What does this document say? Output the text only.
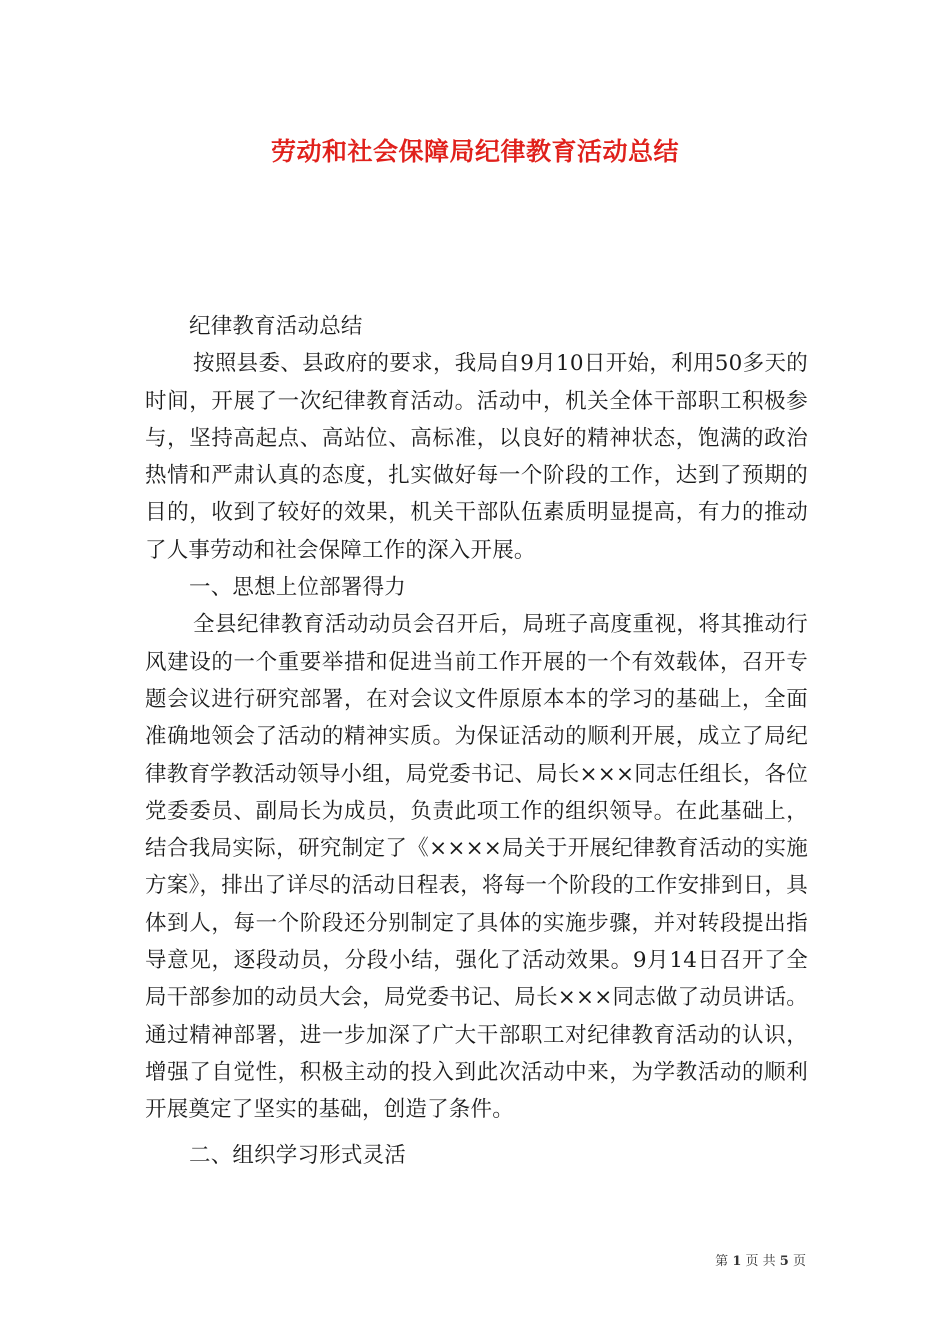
劳动和社会保障局纪律教育活动总结

纪律教育活动总结

按照县委、县政府的要求，我局自9月10日开始，利用50多天的时间，开展了一次纪律教育活动。活动中，机关全体干部职工积极参与，坚持高起点、高站位、高标准，以良好的精神状态，饱满的政治热情和严肃认真的态度，扎实做好每一个阶段的工作，达到了预期的目的，收到了较好的效果，机关干部队伍素质明显提高，有力的推动了人事劳动和社会保障工作的深入开展。

一、思想上位部署得力

全县纪律教育活动动员会召开后，局班子高度重视，将其推动行风建设的一个重要举措和促进当前工作开展的一个有效载体，召开专题会议进行研究部署，在对会议文件原原本本的学习的基础上，全面准确地领会了活动的精神实质。为保证活动的顺利开展，成立了局纪律教育学教活动领导小组，局党委书记、局长×××同志任组长，各位党委委员、副局长为成员，负责此项工作的组织领导。在此基础上，结合我局实际，研究制定了《××××局关于开展纪律教育活动的实施方案》，排出了详尽的活动日程表，将每一个阶段的工作安排到日，具体到人，每一个阶段还分别制定了具体的实施步骤，并对转段提出指导意见，逐段动员，分段小结，强化了活动效果。9月14日召开了全局干部参加的动员大会，局党委书记、局长×××同志做了动员讲话。通过精神部署，进一步加深了广大干部职工对纪律教育活动的认识，增强了自觉性，积极主动的投入到此次活动中来，为学教活动的顺利开展奠定了坚实的基础，创造了条件。

二、组织学习形式灵活

第 1 页 共 5 页
